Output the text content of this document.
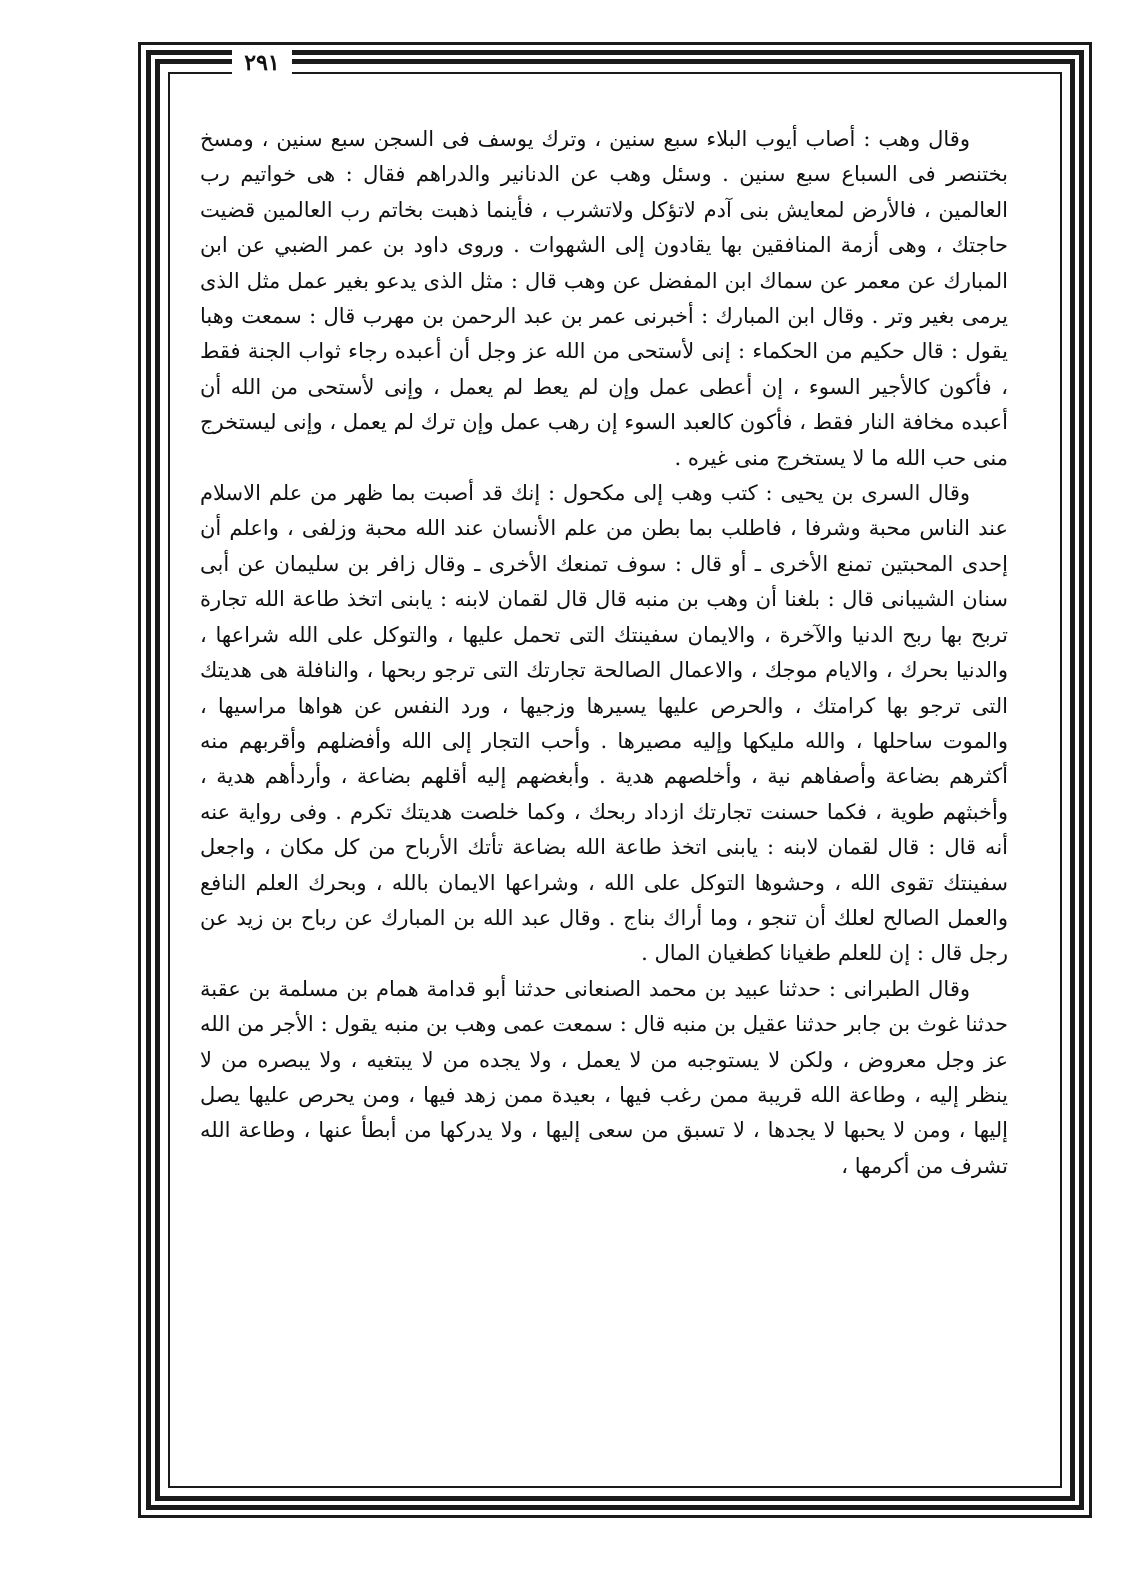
٢٩١

وقال وهب : أصاب أيوب البلاء سبع سنين ، وترك يوسف فى السجن سبع سنين ، ومسخ بختنصر فى السباع سبع سنين . وسئل وهب عن الدنانير والدراهم فقال : هى خواتيم رب العالمين ، فالأرض لمعايش بنى آدم لاتؤكل ولاتشرب ، فأينما ذهبت بخاتم رب العالمين قضيت حاجتك ، وهى أزمة المنافقين بها يقادون إلى الشهوات . وروى داود بن عمر الضبي عن ابن المبارك عن معمر عن سماك ابن المفضل عن وهب قال : مثل الذى يدعو بغير عمل مثل الذى يرمى بغير وتر . وقال ابن المبارك : أخبرنى عمر بن عبد الرحمن بن مهرب قال : سمعت وهبا يقول : قال حكيم من الحكماء : إنى لأستحى من الله عز وجل أن أعبده رجاء ثواب الجنة فقط ، فأكون كالأجير السوء ، إن أعطى عمل وإن لم يعط لم يعمل ، وإنى لأستحى من الله أن أعبده مخافة النار فقط ، فأكون كالعبد السوء إن رهب عمل وإن ترك لم يعمل ، وإنى ليستخرج منى حب الله ما لا يستخرج منى غيره .

وقال السرى بن يحيى : كتب وهب إلى مكحول : إنك قد أصبت بما ظهر من علم الاسلام عند الناس محبة وشرفا ، فاطلب بما بطن من علم الأنسان عند الله محبة وزلفى ، واعلم أن إحدى المحبتين تمنع الأخرى ـ أو قال : سوف تمنعك الأخرى ـ وقال زافر بن سليمان عن أبى سنان الشيبانى قال : بلغنا أن وهب بن منبه قال قال لقمان لابنه : يابنى اتخذ طاعة الله تجارة تربح بها ربح الدنيا والآخرة ، والايمان سفينتك التى تحمل عليها ، والتوكل على الله شراعها ، والدنيا بحرك ، والايام موجك ، والاعمال الصالحة تجارتك التى ترجو ربحها ، والنافلة هى هديتك التى ترجو بها كرامتك ، والحرص عليها يسيرها وزجيها ، ورد النفس عن هواها مراسيها ، والموت ساحلها ، والله مليكها وإليه مصيرها . وأحب التجار إلى الله وأفضلهم وأقربهم منه أكثرهم بضاعة وأصفاهم نية ، وأخلصهم هدية . وأبغضهم إليه أقلهم بضاعة ، وأردأهم هدية ، وأخبثهم طوية ، فكما حسنت تجارتك ازداد ربحك ، وكما خلصت هديتك تكرم . وفى رواية عنه أنه قال : قال لقمان لابنه : يابنى اتخذ طاعة الله بضاعة تأتك الأرباح من كل مكان ، واجعل سفينتك تقوى الله ، وحشوها التوكل على الله ، وشراعها الايمان بالله ، وبحرك العلم النافع والعمل الصالح لعلك أن تنجو ، وما أراك بناج . وقال عبد الله بن المبارك عن رباح بن زيد عن رجل قال : إن للعلم طغيانا كطغيان المال .

وقال الطبرانى : حدثنا عبيد بن محمد الصنعانى حدثنا أبو قدامة همام بن مسلمة بن عقبة حدثنا غوث بن جابر حدثنا عقيل بن منبه قال : سمعت عمى وهب بن منبه يقول : الأجر من الله عز وجل معروض ، ولكن لا يستوجبه من لا يعمل ، ولا يجده من لا يبتغيه ، ولا يبصره من لا ينظر إليه ، وطاعة الله قريبة ممن رغب فيها ، بعيدة ممن زهد فيها ، ومن يحرص عليها يصل إليها ، ومن لا يحبها لا يجدها ، لا تسبق من سعى إليها ، ولا يدركها من أبطأ عنها ، وطاعة الله تشرف من أكرمها ،
